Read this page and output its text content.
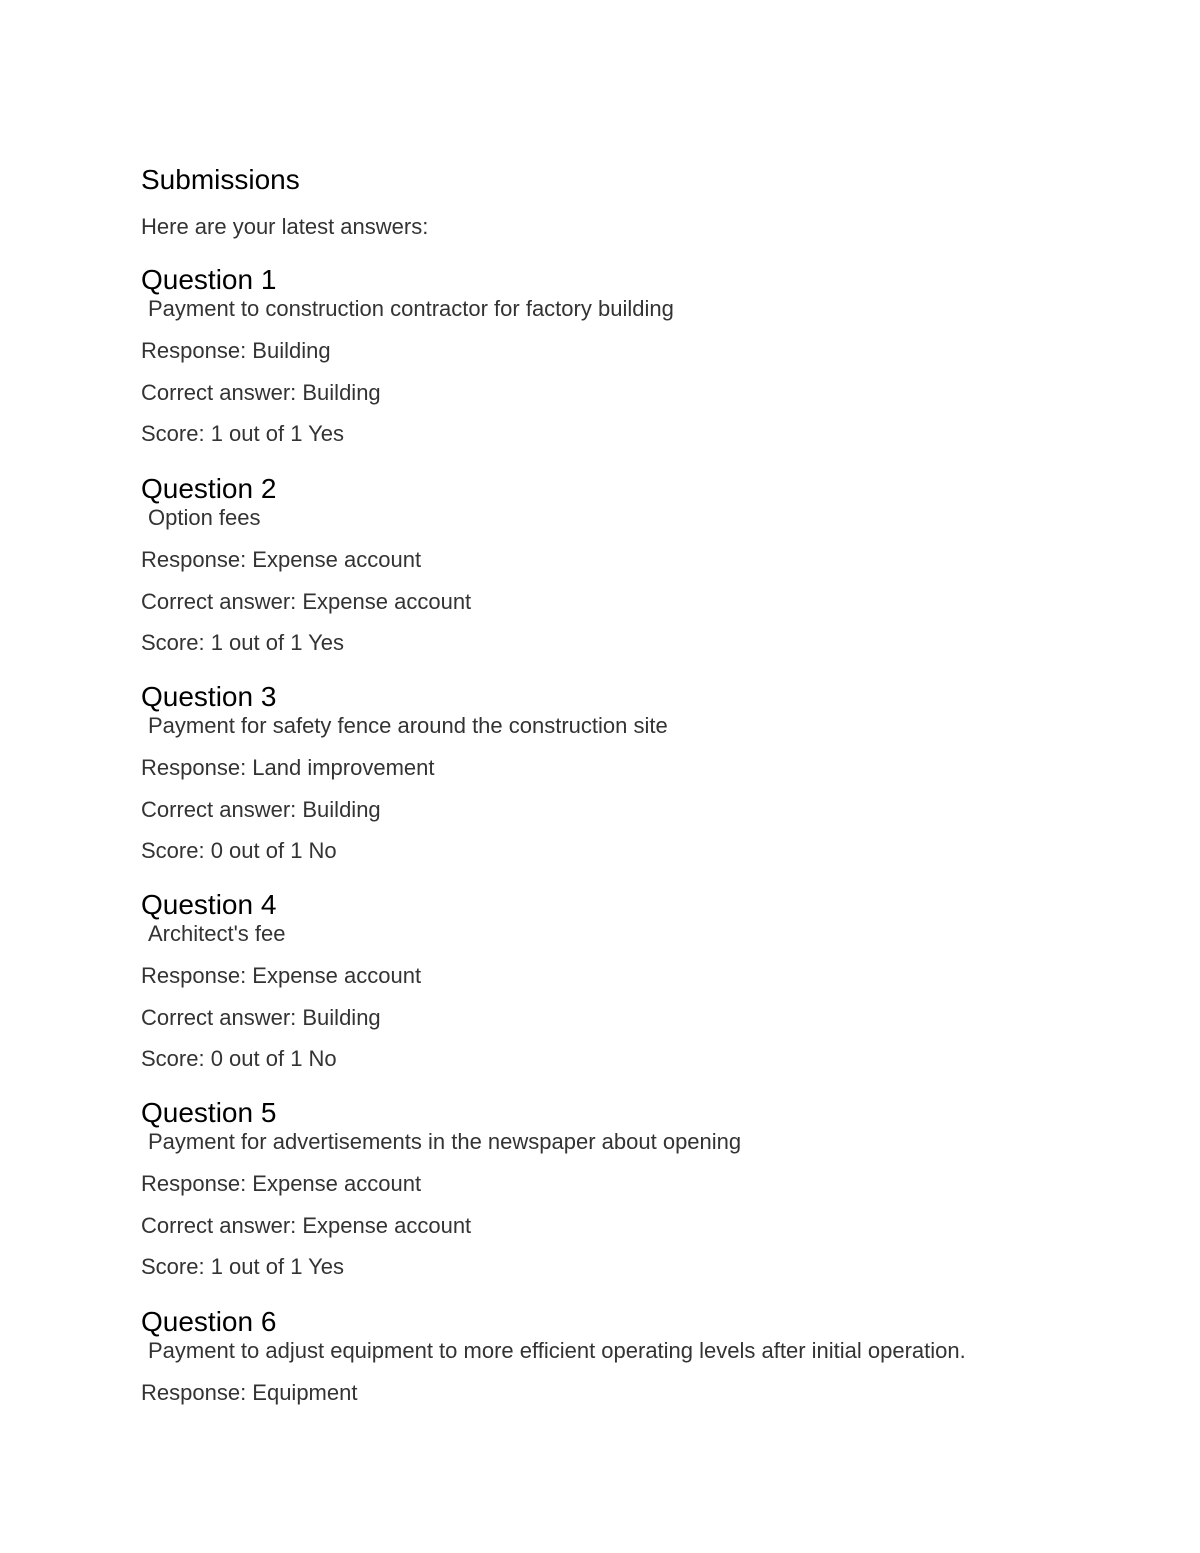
Submissions
Here are your latest answers:
Question 1
Payment to construction contractor for factory building
Response: Building
Correct answer: Building
Score: 1 out of 1 Yes
Question 2
Option fees
Response: Expense account
Correct answer: Expense account
Score: 1 out of 1 Yes
Question 3
Payment for safety fence around the construction site
Response: Land improvement
Correct answer: Building
Score: 0 out of 1 No
Question 4
Architect's fee
Response: Expense account
Correct answer: Building
Score: 0 out of 1 No
Question 5
Payment for advertisements in the newspaper about opening
Response: Expense account
Correct answer: Expense account
Score: 1 out of 1 Yes
Question 6
Payment to adjust equipment to more efficient operating levels after initial operation.
Response: Equipment
